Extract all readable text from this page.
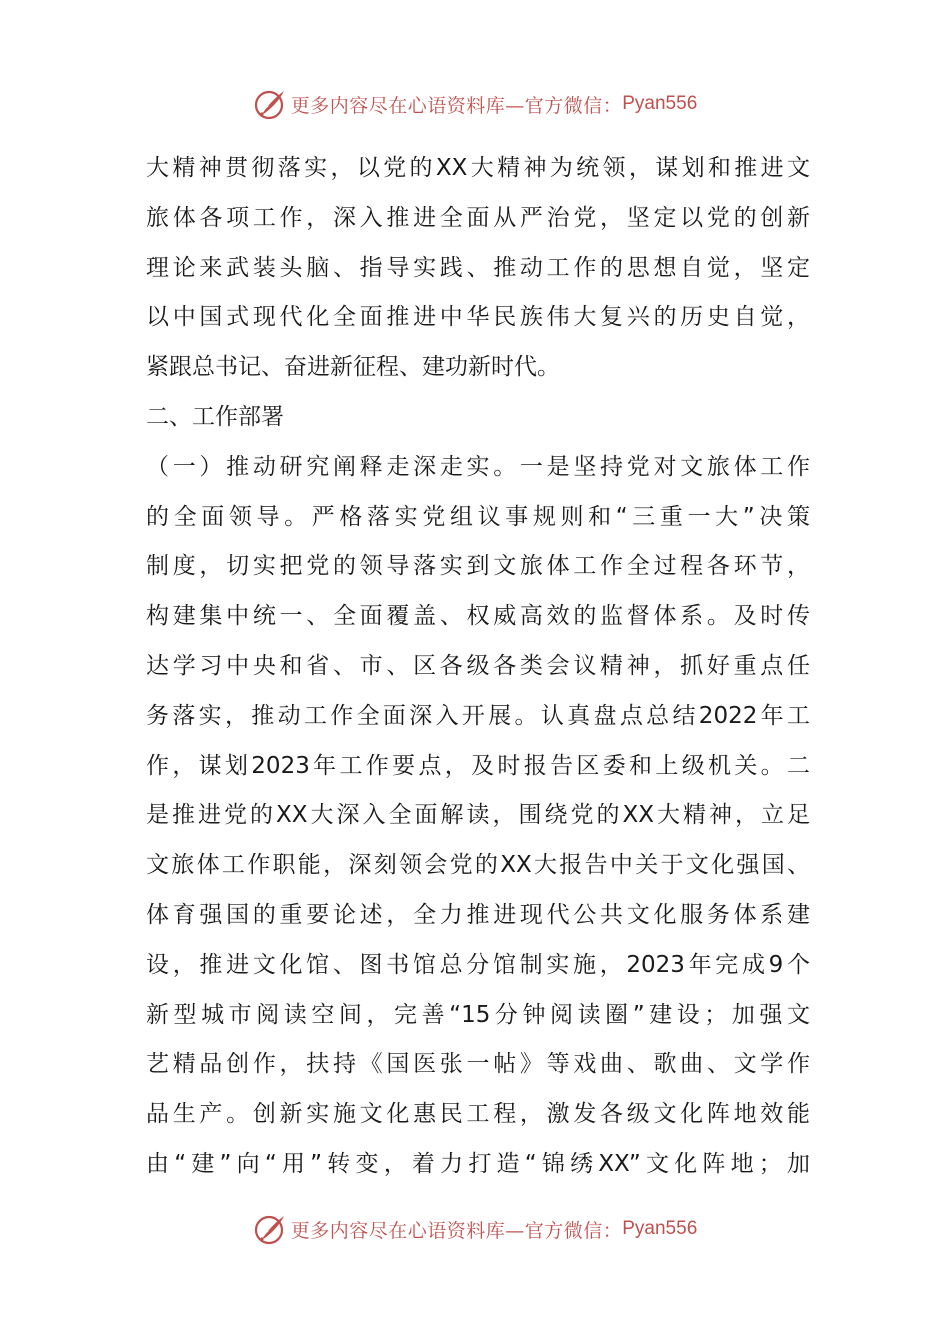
更多内容尽在心语资料库—官方微信： Pyan556
大精神贯彻落实，以党的XX大精神为统领，谋划和推进文
旅体各项工作，深入推进全面从严治党，坚定以党的创新
理论来武装头脑、指导实践、推动工作的思想自觉，坚定
以中国式现代化全面推进中华民族伟大复兴的历史自觉，
紧跟总书记、奋进新征程、建功新时代。
二、工作部署
（一）推动研究阐释走深走实。一是坚持党对文旅体工作
的全面领导。严格落实党组议事规则和“三重一大”决策
制度，切实把党的领导落实到文旅体工作全过程各环节，
构建集中统一、全面覆盖、权威高效的监督体系。及时传
达学习中央和省、市、区各级各类会议精神，抓好重点任
务落实，推动工作全面深入开展。认真盘点总结2022年工
作，谋划2023年工作要点，及时报告区委和上级机关。二
是推进党的XX大深入全面解读，围绕党的XX大精神，立足
文旅体工作职能，深刻领会党的XX大报告中关于文化强国、
体育强国的重要论述，全力推进现代公共文化服务体系建
设，推进文化馆、图书馆总分馆制实施，2023年完成9个
新型城市阅读空间，完善“15分钟阅读圈”建设；加强文
艺精品创作，扶持《国医张一帖》等戏曲、歌曲、文学作
品生产。创新实施文化惠民工程，激发各级文化阵地效能
由“建”向“用”转变，着力打造“锦绣XX”文化阵地；加
更多内容尽在心语资料库—官方微信： Pyan556
